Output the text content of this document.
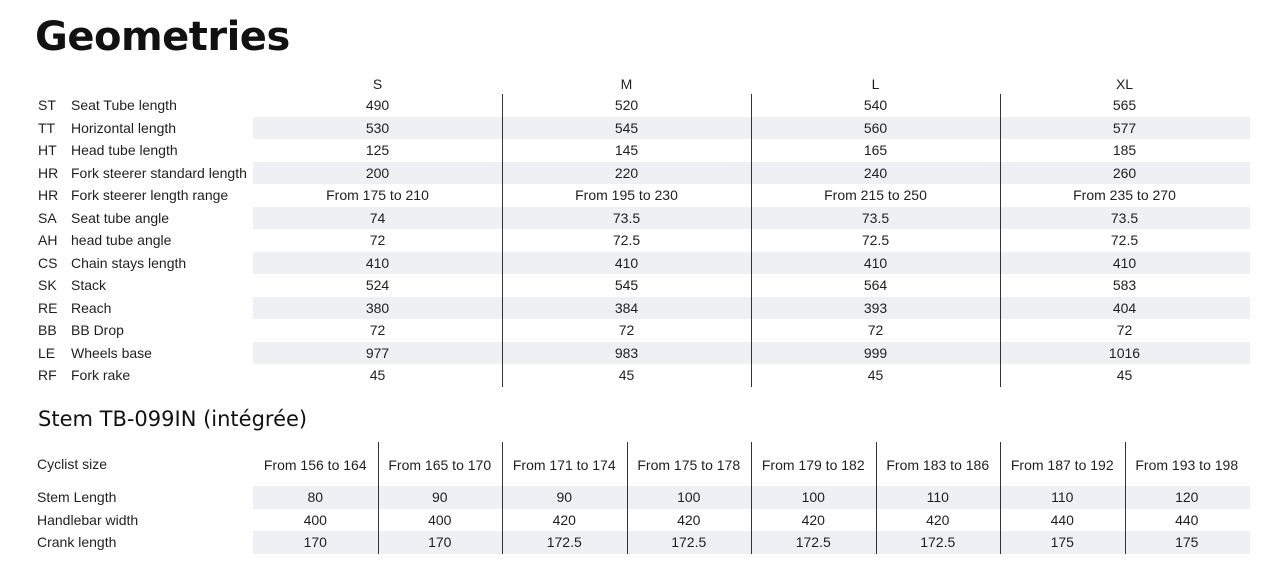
Geometries
S	M	L	XL
ST Seat Tube length	490	520	540	565
TT Horizontal length	530	545	560	577
HT Head tube length	125	145	165	185
HR Fork steerer standard length	200	220	240	260
HR Fork steerer length range	From 175 to 210	From 195 to 230	From 215 to 250	From 235 to 270
SA Seat tube angle	74	73.5	73.5	73.5
AH head tube angle	72	72.5	72.5	72.5
CS Chain stays length	410	410	410	410
SK Stack	524	545	564	583
RE Reach	380	384	393	404
BB BB Drop	72	72	72	72
LE Wheels base	977	983	999	1016
RF Fork rake	45	45	45	45
Stem TB-099IN (intégrée)
Cyclist size	From 156 to 164	From 165 to 170	From 171 to 174	From 175 to 178	From 179 to 182	From 183 to 186	From 187 to 192	From 193 to 198
Stem Length	80	90	90	100	100	110	110	120
Handlebar width	400	400	420	420	420	420	440	440
Crank length	170	170	172.5	172.5	172.5	172.5	175	175
